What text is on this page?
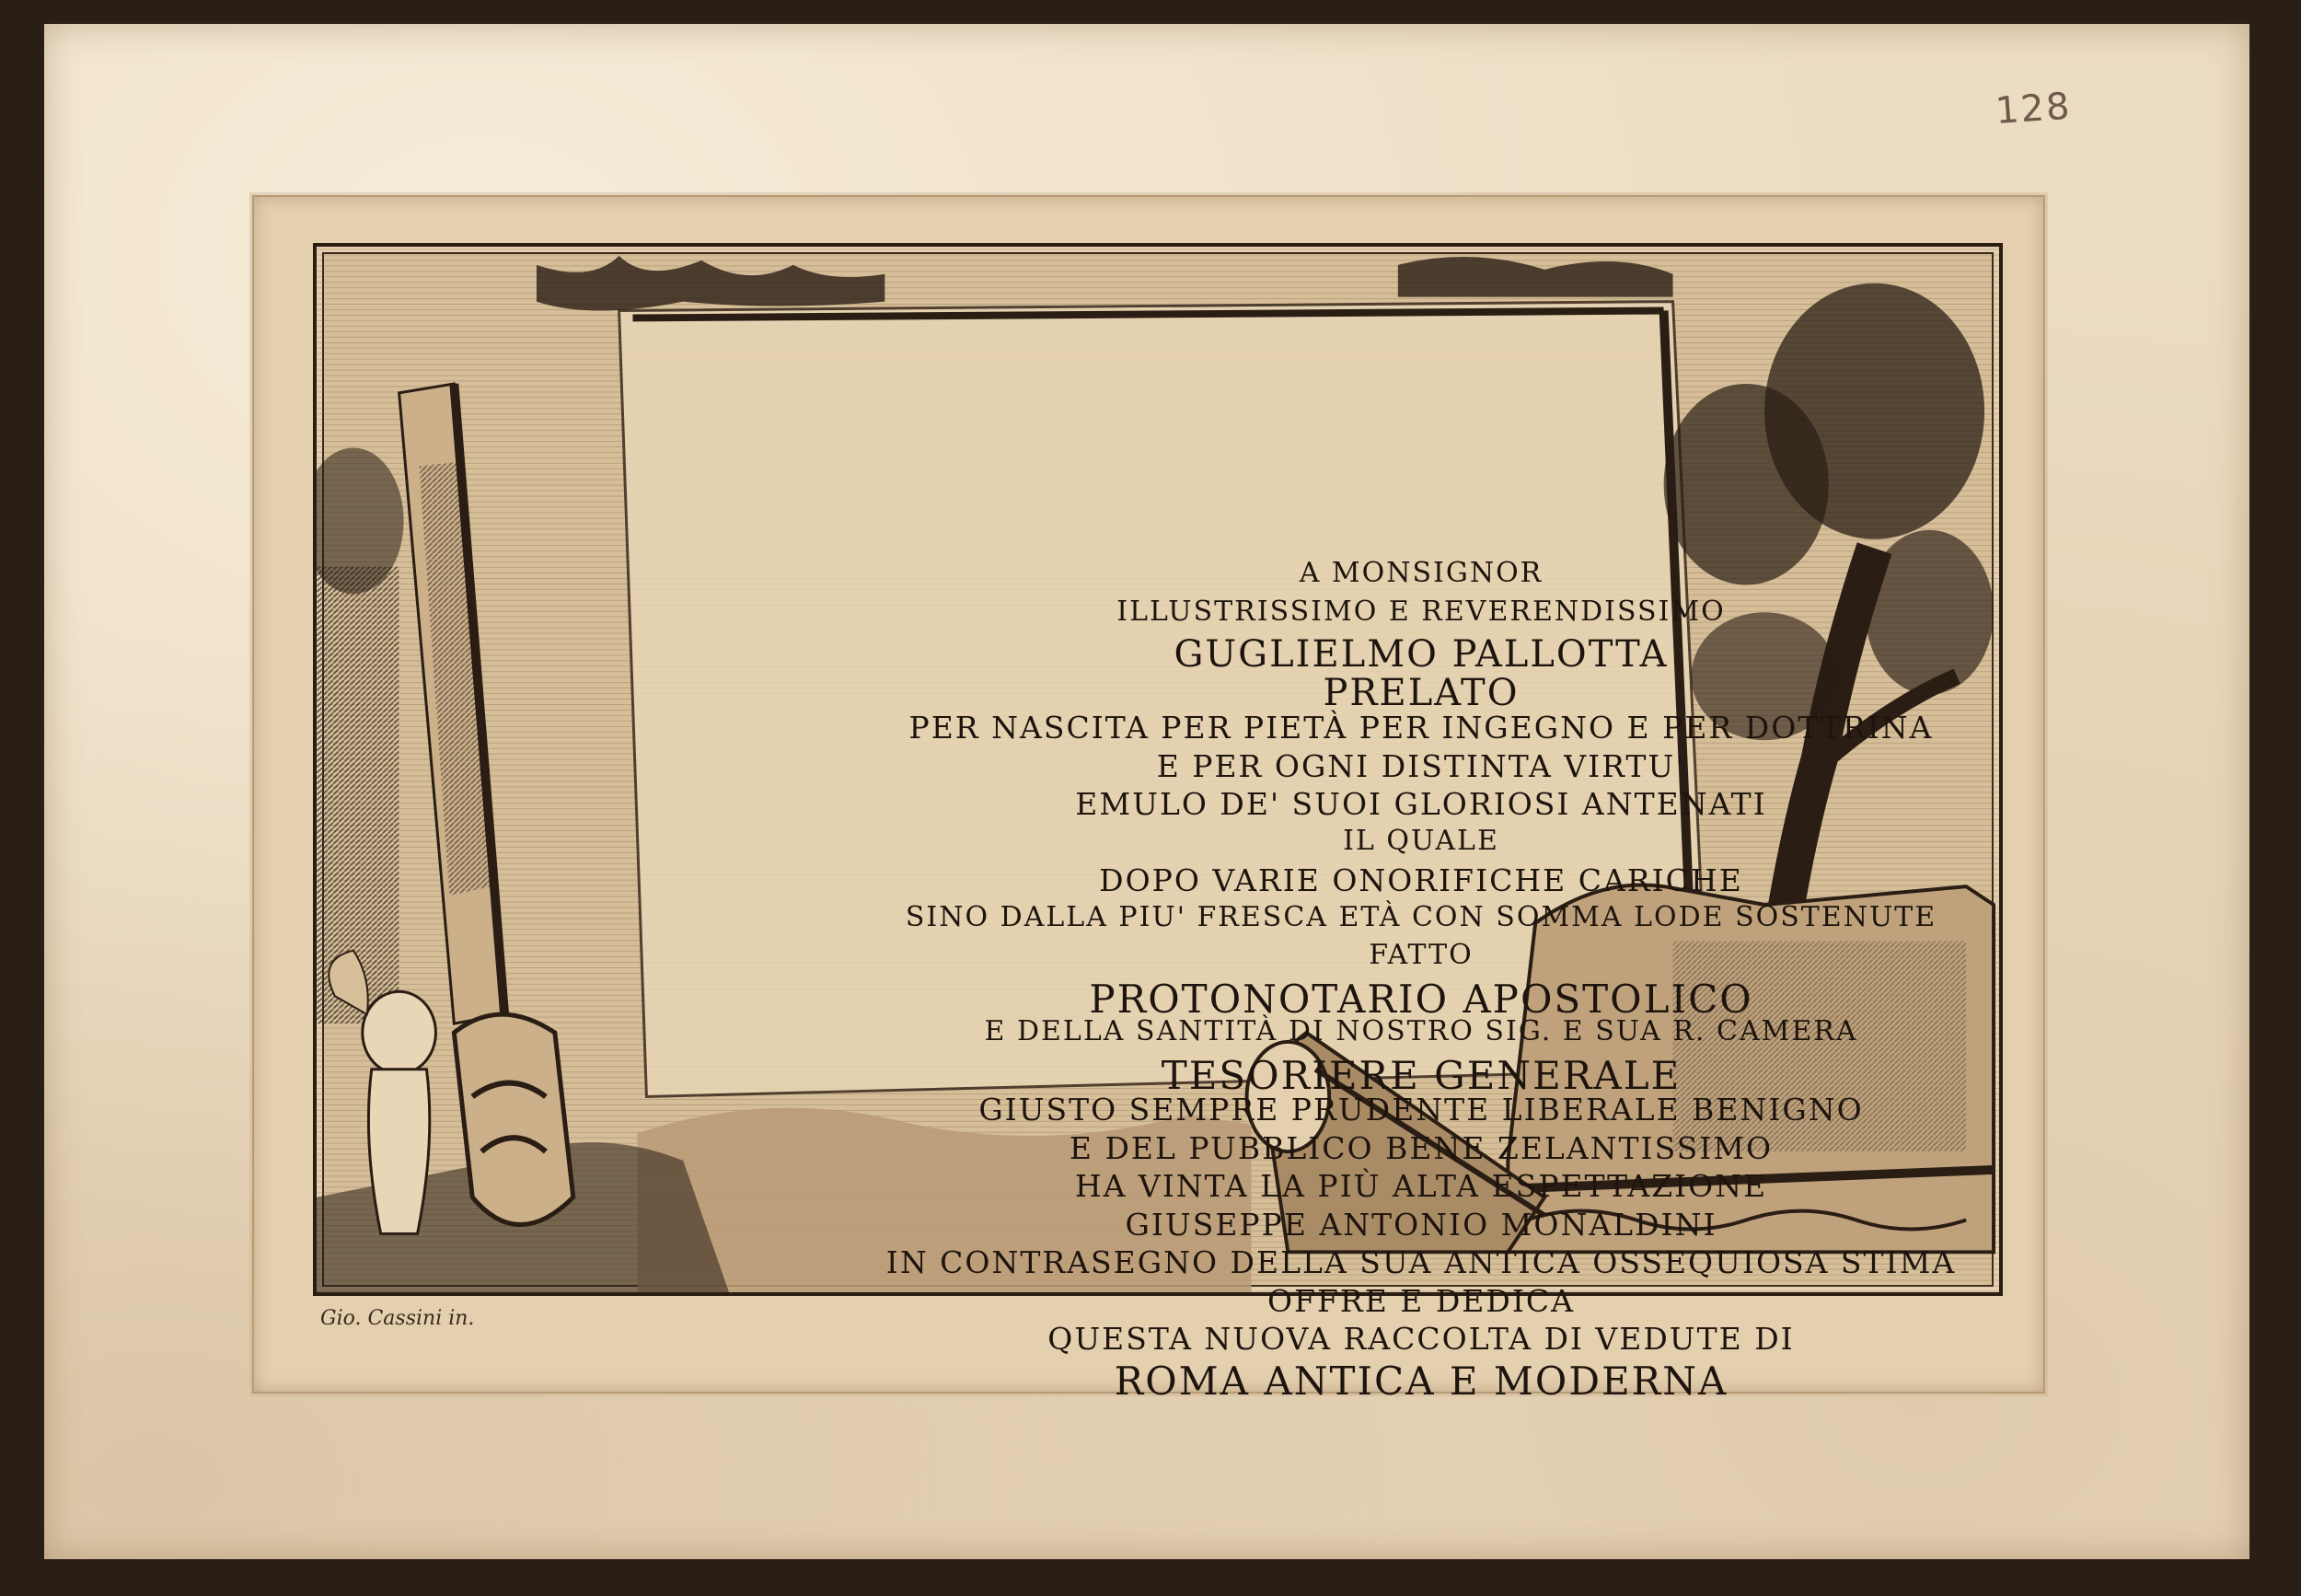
128
A MONSIGNOR
ILLUSTRISSIMO E REVERENDISSIMO
GUGLIELMO PALLOTTA
PRELATO
PER NASCITA PER PIETÀ PER INGEGNO E PER DOTTRINA
E PER OGNI DISTINTA VIRTU'
EMULO DE' SUOI GLORIOSI ANTENATI
IL QUALE
DOPO VARIE ONORIFICHE CARICHE
SINO DALLA PIU' FRESCA ETÀ CON SOMMA LODE SOSTENUTE
FATTO
PROTONOTARIO APOSTOLICO
E DELLA SANTITÀ DI NOSTRO SIG. E SUA R. CAMERA
TESORIERE GENERALE
GIUSTO SEMPRE PRUDENTE LIBERALE BENIGNO
E DEL PUBBLICO BENE ZELANTISSIMO
HA VINTA LA PIÙ ALTA ESPETTAZIONE
GIUSEPPE ANTONIO MONALDINI
IN CONTRASEGNO DELLA SUA ANTICA OSSEQUIOSA STIMA
OFFRE E DEDICA
QUESTA NUOVA RACCOLTA DI VEDUTE DI
ROMA ANTICA E MODERNA
Gio. Cassini in.
